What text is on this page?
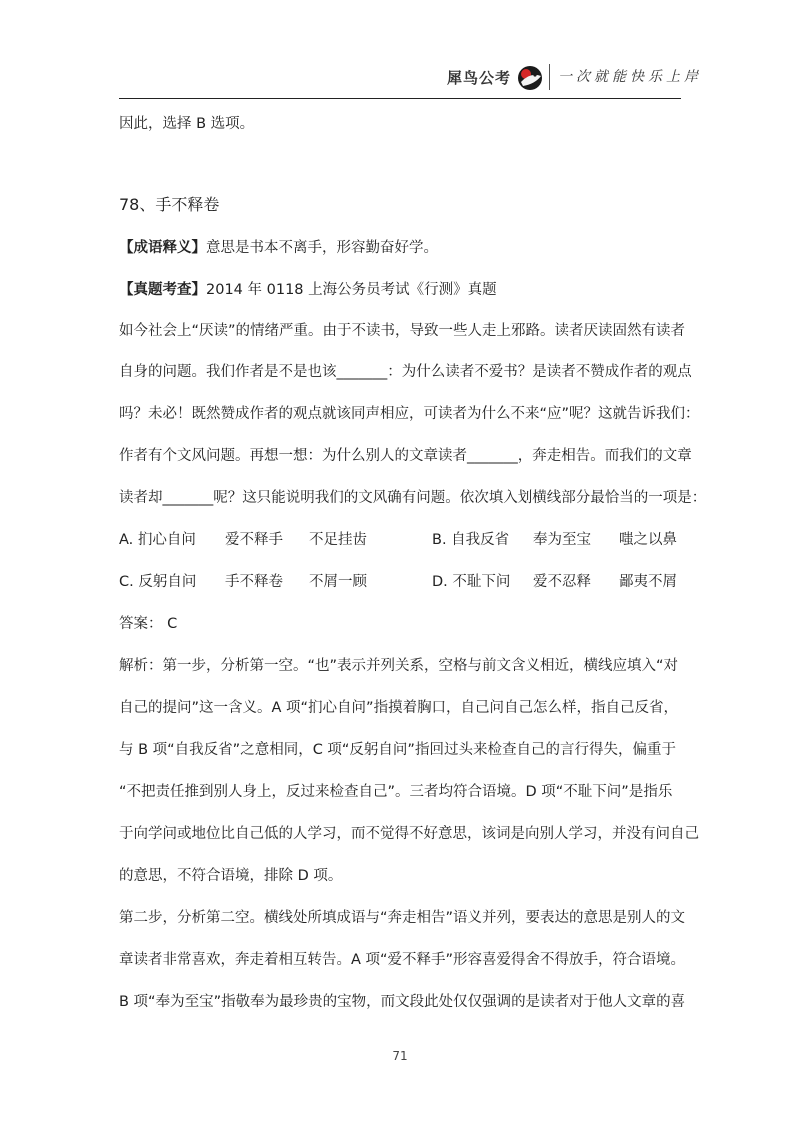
犀鸟公考	一次就能快乐上岸
因此，选择 B 选项。
78、手不释卷
【成语释义】意思是书本不离手，形容勤奋好学。
【真题考查】2014 年 0118 上海公务员考试《行测》真题
如今社会上“厌读”的情绪严重。由于不读书，导致一些人走上邪路。读者厌读固然有读者
自身的问题。我们作者是不是也该_______：为什么读者不爱书？是读者不赞成作者的观点
吗？未必！既然赞成作者的观点就该同声相应，可读者为什么不来“应”呢？这就告诉我们：
作者有个文风问题。再想一想：为什么别人的文章读者_______，奔走相告。而我们的文章
读者却_______呢？这只能说明我们的文风确有问题。依次填入划横线部分最恰当的一项是：
A. 扪心自问 爱不释手 不足挂齿	B. 自我反省 奉为至宝 嗤之以鼻
C. 反躬自问 手不释卷 不屑一顾	D. 不耻下问 爱不忍释 鄙夷不屑
答案： C
解析：第一步，分析第一空。“也”表示并列关系，空格与前文含义相近，横线应填入“对
自己的提问”这一含义。A 项“扪心自问”指摸着胸口，自己问自己怎么样，指自己反省，
与 B 项“自我反省”之意相同，C 项“反躬自问”指回过头来检查自己的言行得失，偏重于
“不把责任推到别人身上，反过来检查自己”。三者均符合语境。D 项“不耻下问”是指乐
于向学问或地位比自己低的人学习，而不觉得不好意思，该词是向别人学习，并没有问自己
的意思，不符合语境，排除 D 项。
第二步，分析第二空。横线处所填成语与“奔走相告”语义并列，要表达的意思是别人的文
章读者非常喜欢，奔走着相互转告。A 项“爱不释手”形容喜爱得舍不得放手，符合语境。
B 项“奉为至宝”指敬奉为最珍贵的宝物，而文段此处仅仅强调的是读者对于他人文章的喜
71
